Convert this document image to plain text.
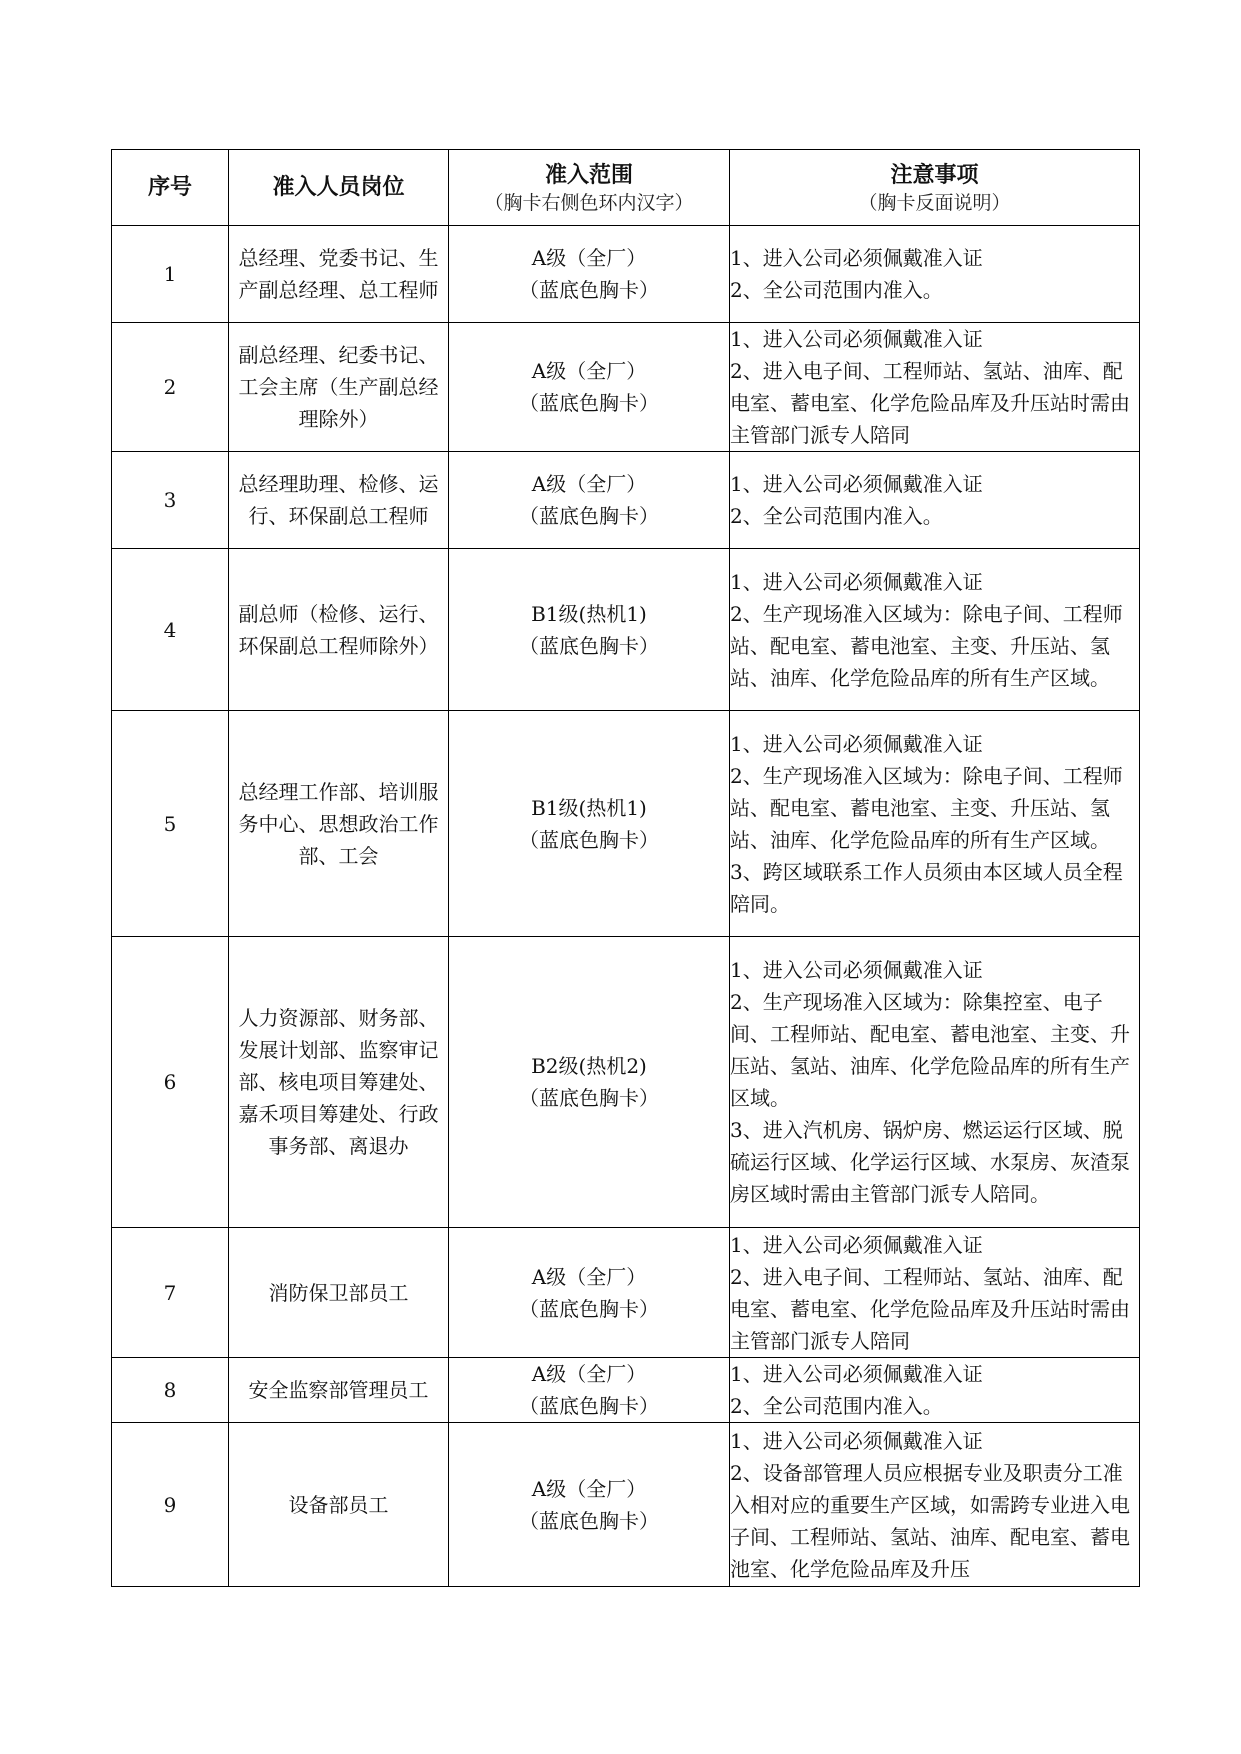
序号	准入人员岗位	准入范围
（胸卡右侧色环内汉字）	注意事项
（胸卡反面说明）

1	总经理、党委书记、生产副总经理、总工程师	A级（全厂）
（蓝底色胸卡）	1、进入公司必须佩戴准入证
2、全公司范围内准入。

2	副总经理、纪委书记、工会主席（生产副总经理除外）	A级（全厂）
（蓝底色胸卡）	1、进入公司必须佩戴准入证
2、进入电子间、工程师站、氢站、油库、配电室、蓄电室、化学危险品库及升压站时需由主管部门派专人陪同

3	总经理助理、检修、运行、环保副总工程师	A级（全厂）
（蓝底色胸卡）	1、进入公司必须佩戴准入证
2、全公司范围内准入。

4	副总师（检修、运行、环保副总工程师除外）	B1级(热机1)
（蓝底色胸卡）	1、进入公司必须佩戴准入证
2、生产现场准入区域为：除电子间、工程师站、配电室、蓄电池室、主变、升压站、氢站、油库、化学危险品库的所有生产区域。

5	总经理工作部、培训服务中心、思想政治工作部、工会	B1级(热机1)
（蓝底色胸卡）	1、进入公司必须佩戴准入证
2、生产现场准入区域为：除电子间、工程师站、配电室、蓄电池室、主变、升压站、氢站、油库、化学危险品库的所有生产区域。
3、跨区域联系工作人员须由本区域人员全程陪同。

6	人力资源部、财务部、发展计划部、监察审记部、核电项目筹建处、嘉禾项目筹建处、行政事务部、离退办	B2级(热机2)
（蓝底色胸卡）	1、进入公司必须佩戴准入证
2、生产现场准入区域为：除集控室、电子间、工程师站、配电室、蓄电池室、主变、升压站、氢站、油库、化学危险品库的所有生产区域。
3、进入汽机房、锅炉房、燃运运行区域、脱硫运行区域、化学运行区域、水泵房、灰渣泵房区域时需由主管部门派专人陪同。

7	消防保卫部员工	A级（全厂）
（蓝底色胸卡）	1、进入公司必须佩戴准入证
2、进入电子间、工程师站、氢站、油库、配电室、蓄电室、化学危险品库及升压站时需由主管部门派专人陪同

8	安全监察部管理员工	A级（全厂）
（蓝底色胸卡）	1、进入公司必须佩戴准入证
2、全公司范围内准入。

9	设备部员工	A级（全厂）
（蓝底色胸卡）	1、进入公司必须佩戴准入证
2、设备部管理人员应根据专业及职责分工准入相对应的重要生产区域，如需跨专业进入电子间、工程师站、氢站、油库、配电室、蓄电池室、化学危险品库及升压
